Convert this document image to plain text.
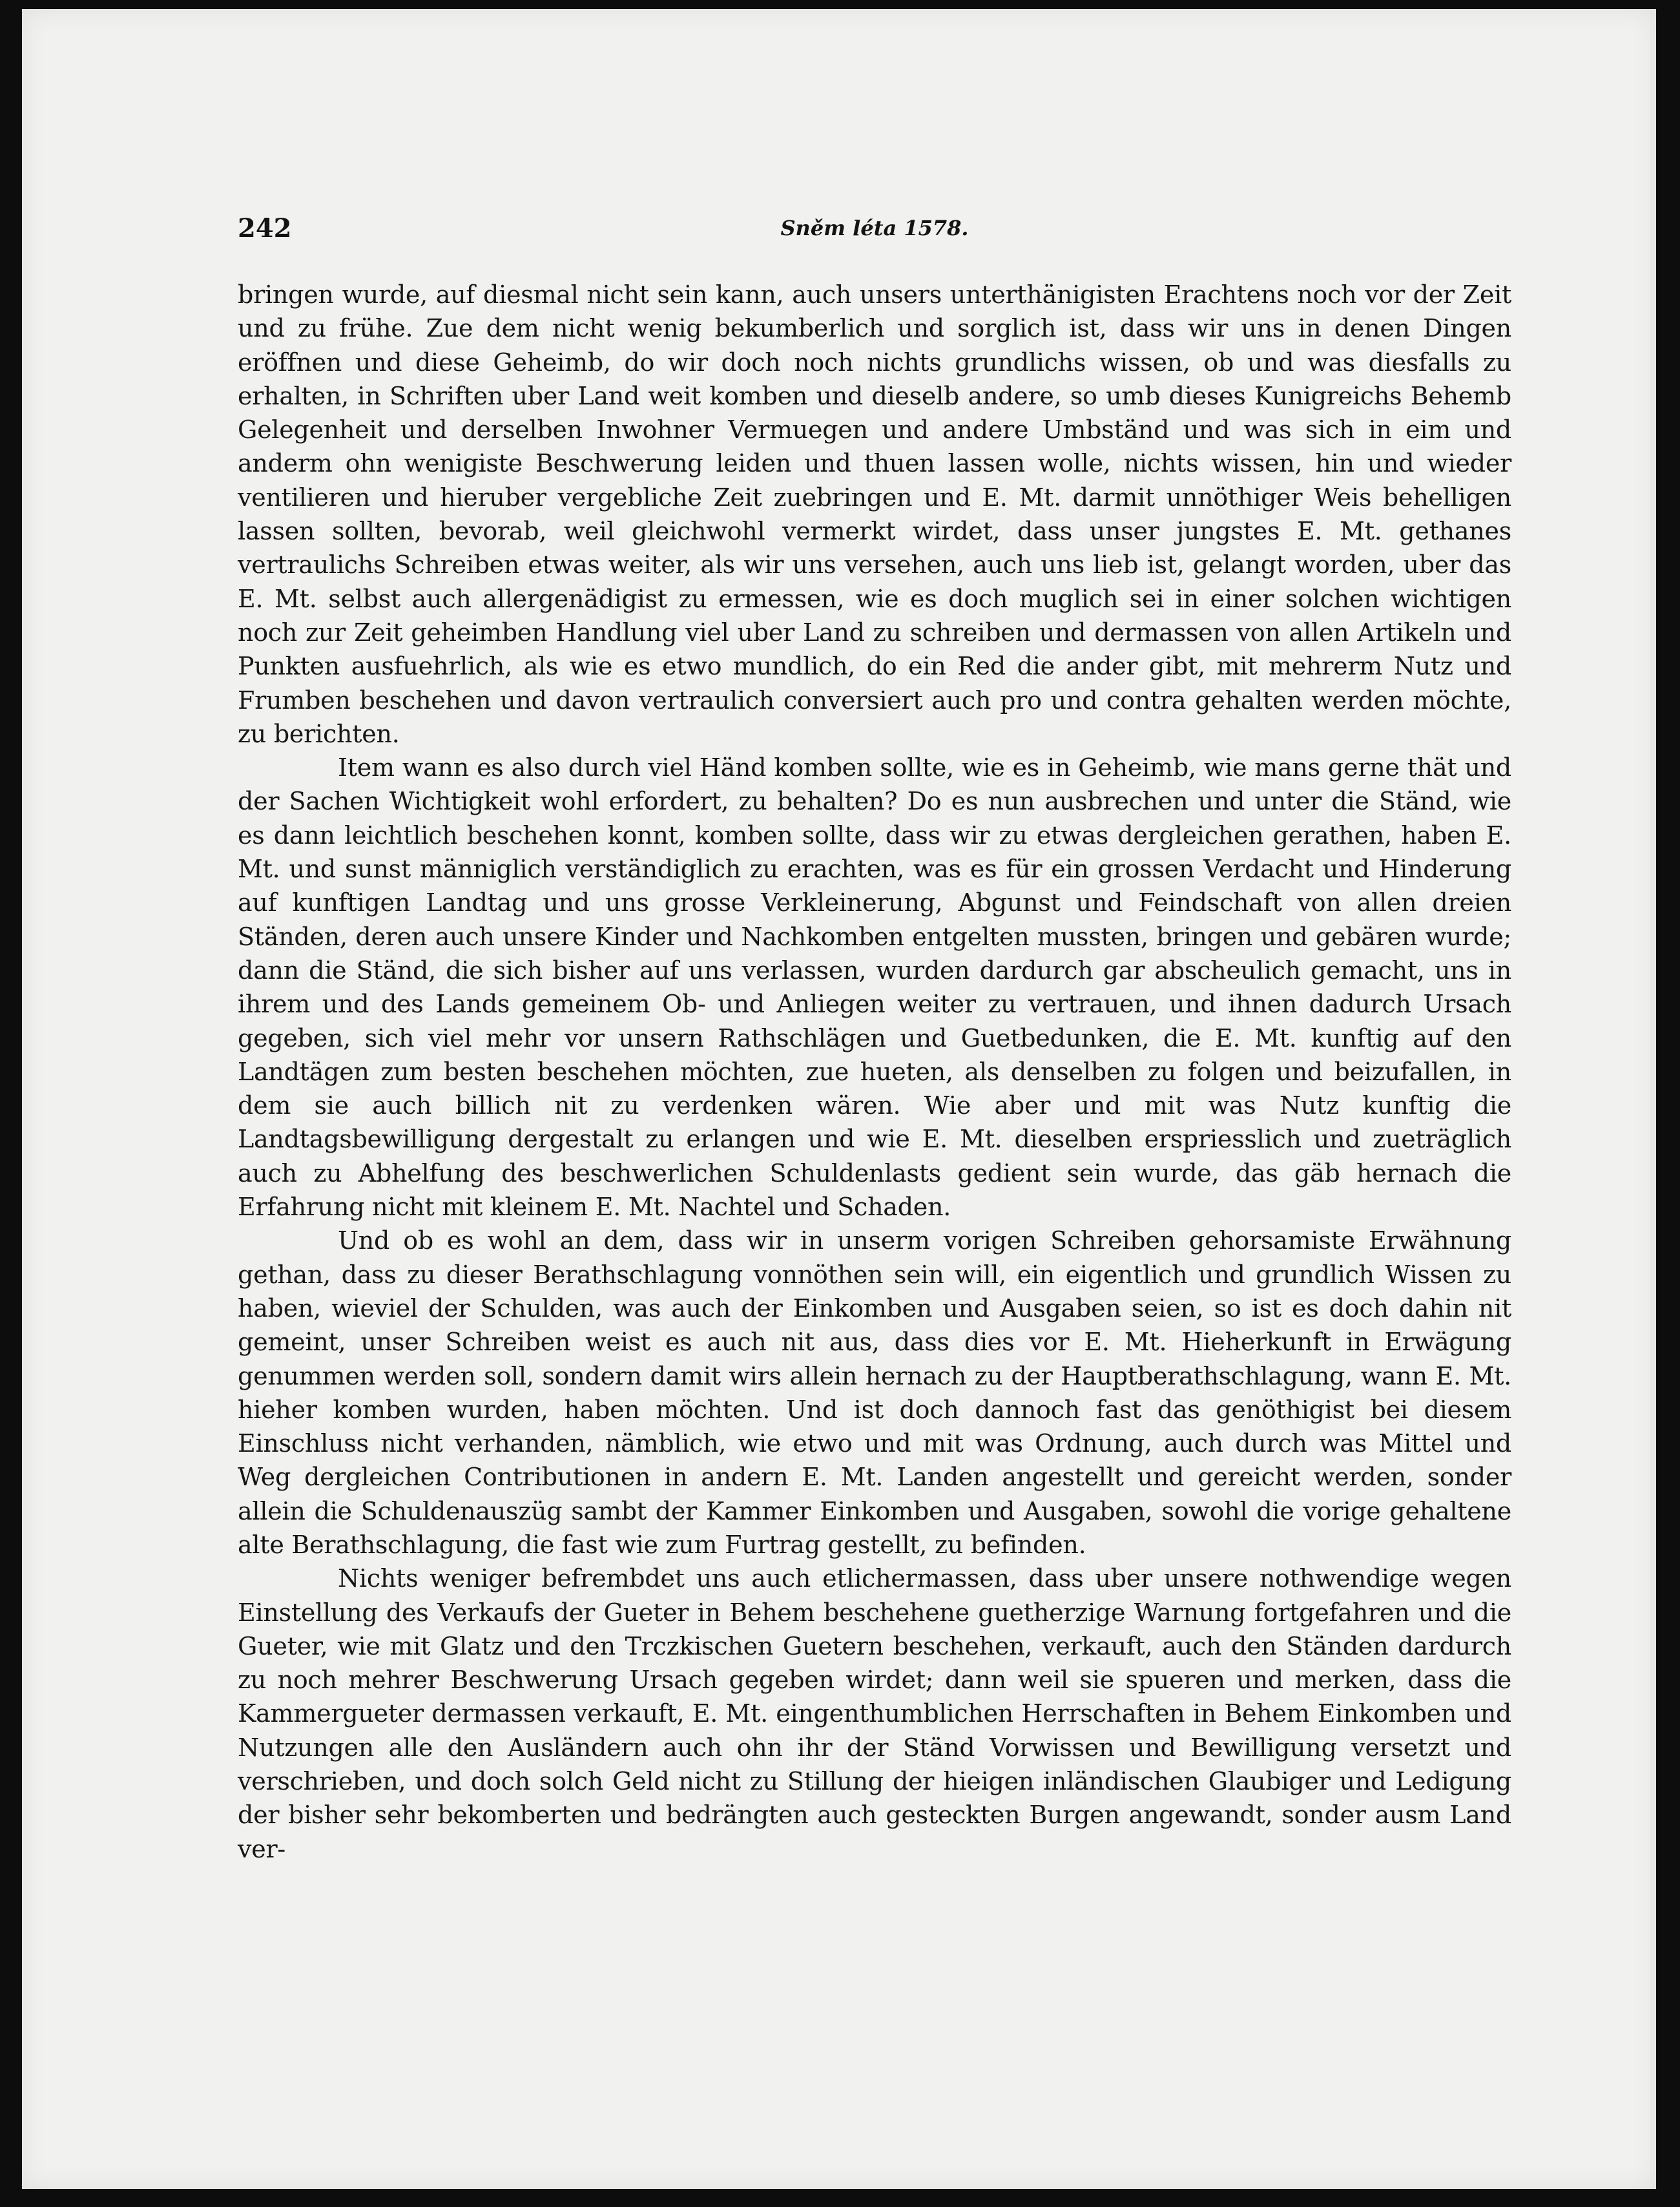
242	Sněm léta 1578.

bringen wurde, auf diesmal nicht sein kann, auch unsers unterthänigisten Erachtens noch vor der Zeit und zu frühe. Zue dem nicht wenig bekumberlich und sorglich ist, dass wir uns in denen Dingen eröffnen und diese Geheimb, do wir doch noch nichts grundlichs wissen, ob und was diesfalls zu erhalten, in Schriften uber Land weit komben und dieselb andere, so umb dieses Kunigreichs Behemb Gelegenheit und derselben Inwohner Vermuegen und andere Umbständ und was sich in eim und anderm ohn wenigiste Beschwerung leiden und thuen lassen wolle, nichts wissen, hin und wieder ventilieren und hieruber vergebliche Zeit zuebringen und E. Mt. darmit unnöthiger Weis behelligen lassen sollten, bevorab, weil gleichwohl vermerkt wirdet, dass unser jungstes E. Mt. gethanes vertraulichs Schreiben etwas weiter, als wir uns versehen, auch uns lieb ist, gelangt worden, uber das E. Mt. selbst auch allergenädigist zu ermessen, wie es doch muglich sei in einer solchen wichtigen noch zur Zeit geheimben Handlung viel uber Land zu schreiben und dermassen von allen Artikeln und Punkten ausfuehrlich, als wie es etwo mundlich, do ein Red die ander gibt, mit mehrerm Nutz und Frumben beschehen und davon vertraulich conversiert auch pro und contra gehalten werden möchte, zu berichten.

Item wann es also durch viel Händ komben sollte, wie es in Geheimb, wie mans gerne thät und der Sachen Wichtigkeit wohl erfordert, zu behalten? Do es nun ausbrechen und unter die Ständ, wie es dann leichtlich beschehen konnt, komben sollte, dass wir zu etwas dergleichen gerathen, haben E. Mt. und sunst männiglich verständiglich zu erachten, was es für ein grossen Verdacht und Hinderung auf kunftigen Landtag und uns grosse Verkleinerung, Abgunst und Feindschaft von allen dreien Ständen, deren auch unsere Kinder und Nachkomben entgelten mussten, bringen und gebären wurde; dann die Ständ, die sich bisher auf uns verlassen, wurden dardurch gar abscheulich gemacht, uns in ihrem und des Lands gemeinem Ob- und Anliegen weiter zu vertrauen, und ihnen dadurch Ursach gegeben, sich viel mehr vor unsern Rathschlägen und Guetbedunken, die E. Mt. kunftig auf den Landtägen zum besten beschehen möchten, zue hueten, als denselben zu folgen und beizufallen, in dem sie auch billich nit zu verdenken wären. Wie aber und mit was Nutz kunftig die Landtagsbewilligung dergestalt zu erlangen und wie E. Mt. dieselben erspriesslich und zueträglich auch zu Abhelfung des beschwerlichen Schuldenlasts gedient sein wurde, das gäb hernach die Erfahrung nicht mit kleinem E. Mt. Nachtel und Schaden.

Und ob es wohl an dem, dass wir in unserm vorigen Schreiben gehorsamiste Erwähnung gethan, dass zu dieser Berathschlagung vonnöthen sein will, ein eigentlich und grundlich Wissen zu haben, wieviel der Schulden, was auch der Einkomben und Ausgaben seien, so ist es doch dahin nit gemeint, unser Schreiben weist es auch nit aus, dass dies vor E. Mt. Hieherkunft in Erwägung genummen werden soll, sondern damit wirs allein hernach zu der Hauptberathschlagung, wann E. Mt. hieher komben wurden, haben möchten. Und ist doch dannoch fast das genöthigist bei diesem Einschluss nicht verhanden, nämblich, wie etwo und mit was Ordnung, auch durch was Mittel und Weg dergleichen Contributionen in andern E. Mt. Landen angestellt und gereicht werden, sonder allein die Schuldenauszüg sambt der Kammer Einkomben und Ausgaben, sowohl die vorige gehaltene alte Berathschlagung, die fast wie zum Furtrag gestellt, zu befinden.

Nichts weniger befrembdet uns auch etlichermassen, dass uber unsere nothwendige wegen Einstellung des Verkaufs der Gueter in Behem beschehene guetherzige Warnung fortgefahren und die Gueter, wie mit Glatz und den Trczkischen Guetern beschehen, verkauft, auch den Ständen dardurch zu noch mehrer Beschwerung Ursach gegeben wirdet; dann weil sie spueren und merken, dass die Kammergueter dermassen verkauft, E. Mt. eingenthumblichen Herrschaften in Behem Einkomben und Nutzungen alle den Ausländern auch ohn ihr der Ständ Vorwissen und Bewilligung versetzt und verschrieben, und doch solch Geld nicht zu Stillung der hieigen inländischen Glaubiger und Ledigung der bisher sehr bekomberten und bedrängten auch gesteckten Burgen angewandt, sonder ausm Land ver-
